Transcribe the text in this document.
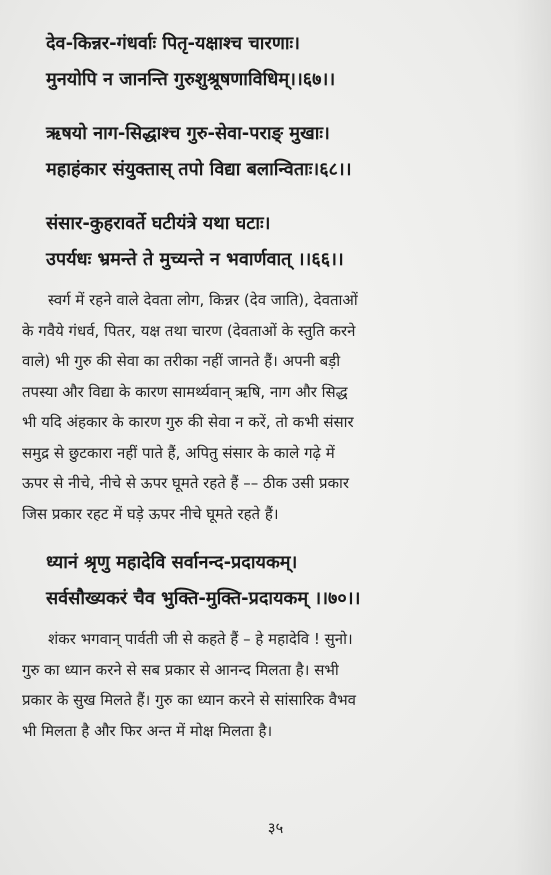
देव-किन्नर-गंधर्वाः पितृ-यक्षाश्च चारणाः।
मुनयोपि न जानन्ति गुरुशुश्रूषणाविधिम्।।६७।।
ऋषयो नाग-सिद्धाश्च गुरु-सेवा-पराङ् मुखाः।
महाहंकार संयुक्तास् तपो विद्या बलान्विताः।६८।।
संसार-कुहरावर्ते घटीयंत्रे यथा घटाः।
उपर्यधः भ्रमन्ते ते मुच्यन्ते न भवार्णवात् ।।६६।।
स्वर्ग में रहने वाले देवता लोग, किन्नर (देव जाति), देवताओं
के गवैये गंधर्व, पितर, यक्ष तथा चारण (देवताओं के स्तुति करने
वाले) भी गुरु की सेवा का तरीका नहीं जानते हैं। अपनी बड़ी
तपस्या और विद्या के कारण सामर्थ्यवान् ऋषि, नाग और सिद्ध
भी यदि अंहकार के कारण गुरु की सेवा न करें, तो कभी संसार
समुद्र से छुटकारा नहीं पाते हैं, अपितु संसार के काले गढ़े में
ऊपर से नीचे, नीचे से ऊपर घूमते रहते हैं –– ठीक उसी प्रकार
जिस प्रकार रहट में घड़े ऊपर नीचे घूमते रहते हैं।
ध्यानं श्रृणु महादेवि सर्वानन्द-प्रदायकम्।
सर्वसौख्यकरं चैव भुक्ति-मुक्ति-प्रदायकम् ।।७०।।
शंकर भगवान् पार्वती जी से कहते हैं – हे महादेवि ! सुनो।
गुरु का ध्यान करने से सब प्रकार से आनन्द मिलता है। सभी
प्रकार के सुख मिलते हैं। गुरु का ध्यान करने से सांसारिक वैभव
भी मिलता है और फिर अन्त में मोक्ष मिलता है।
३५
